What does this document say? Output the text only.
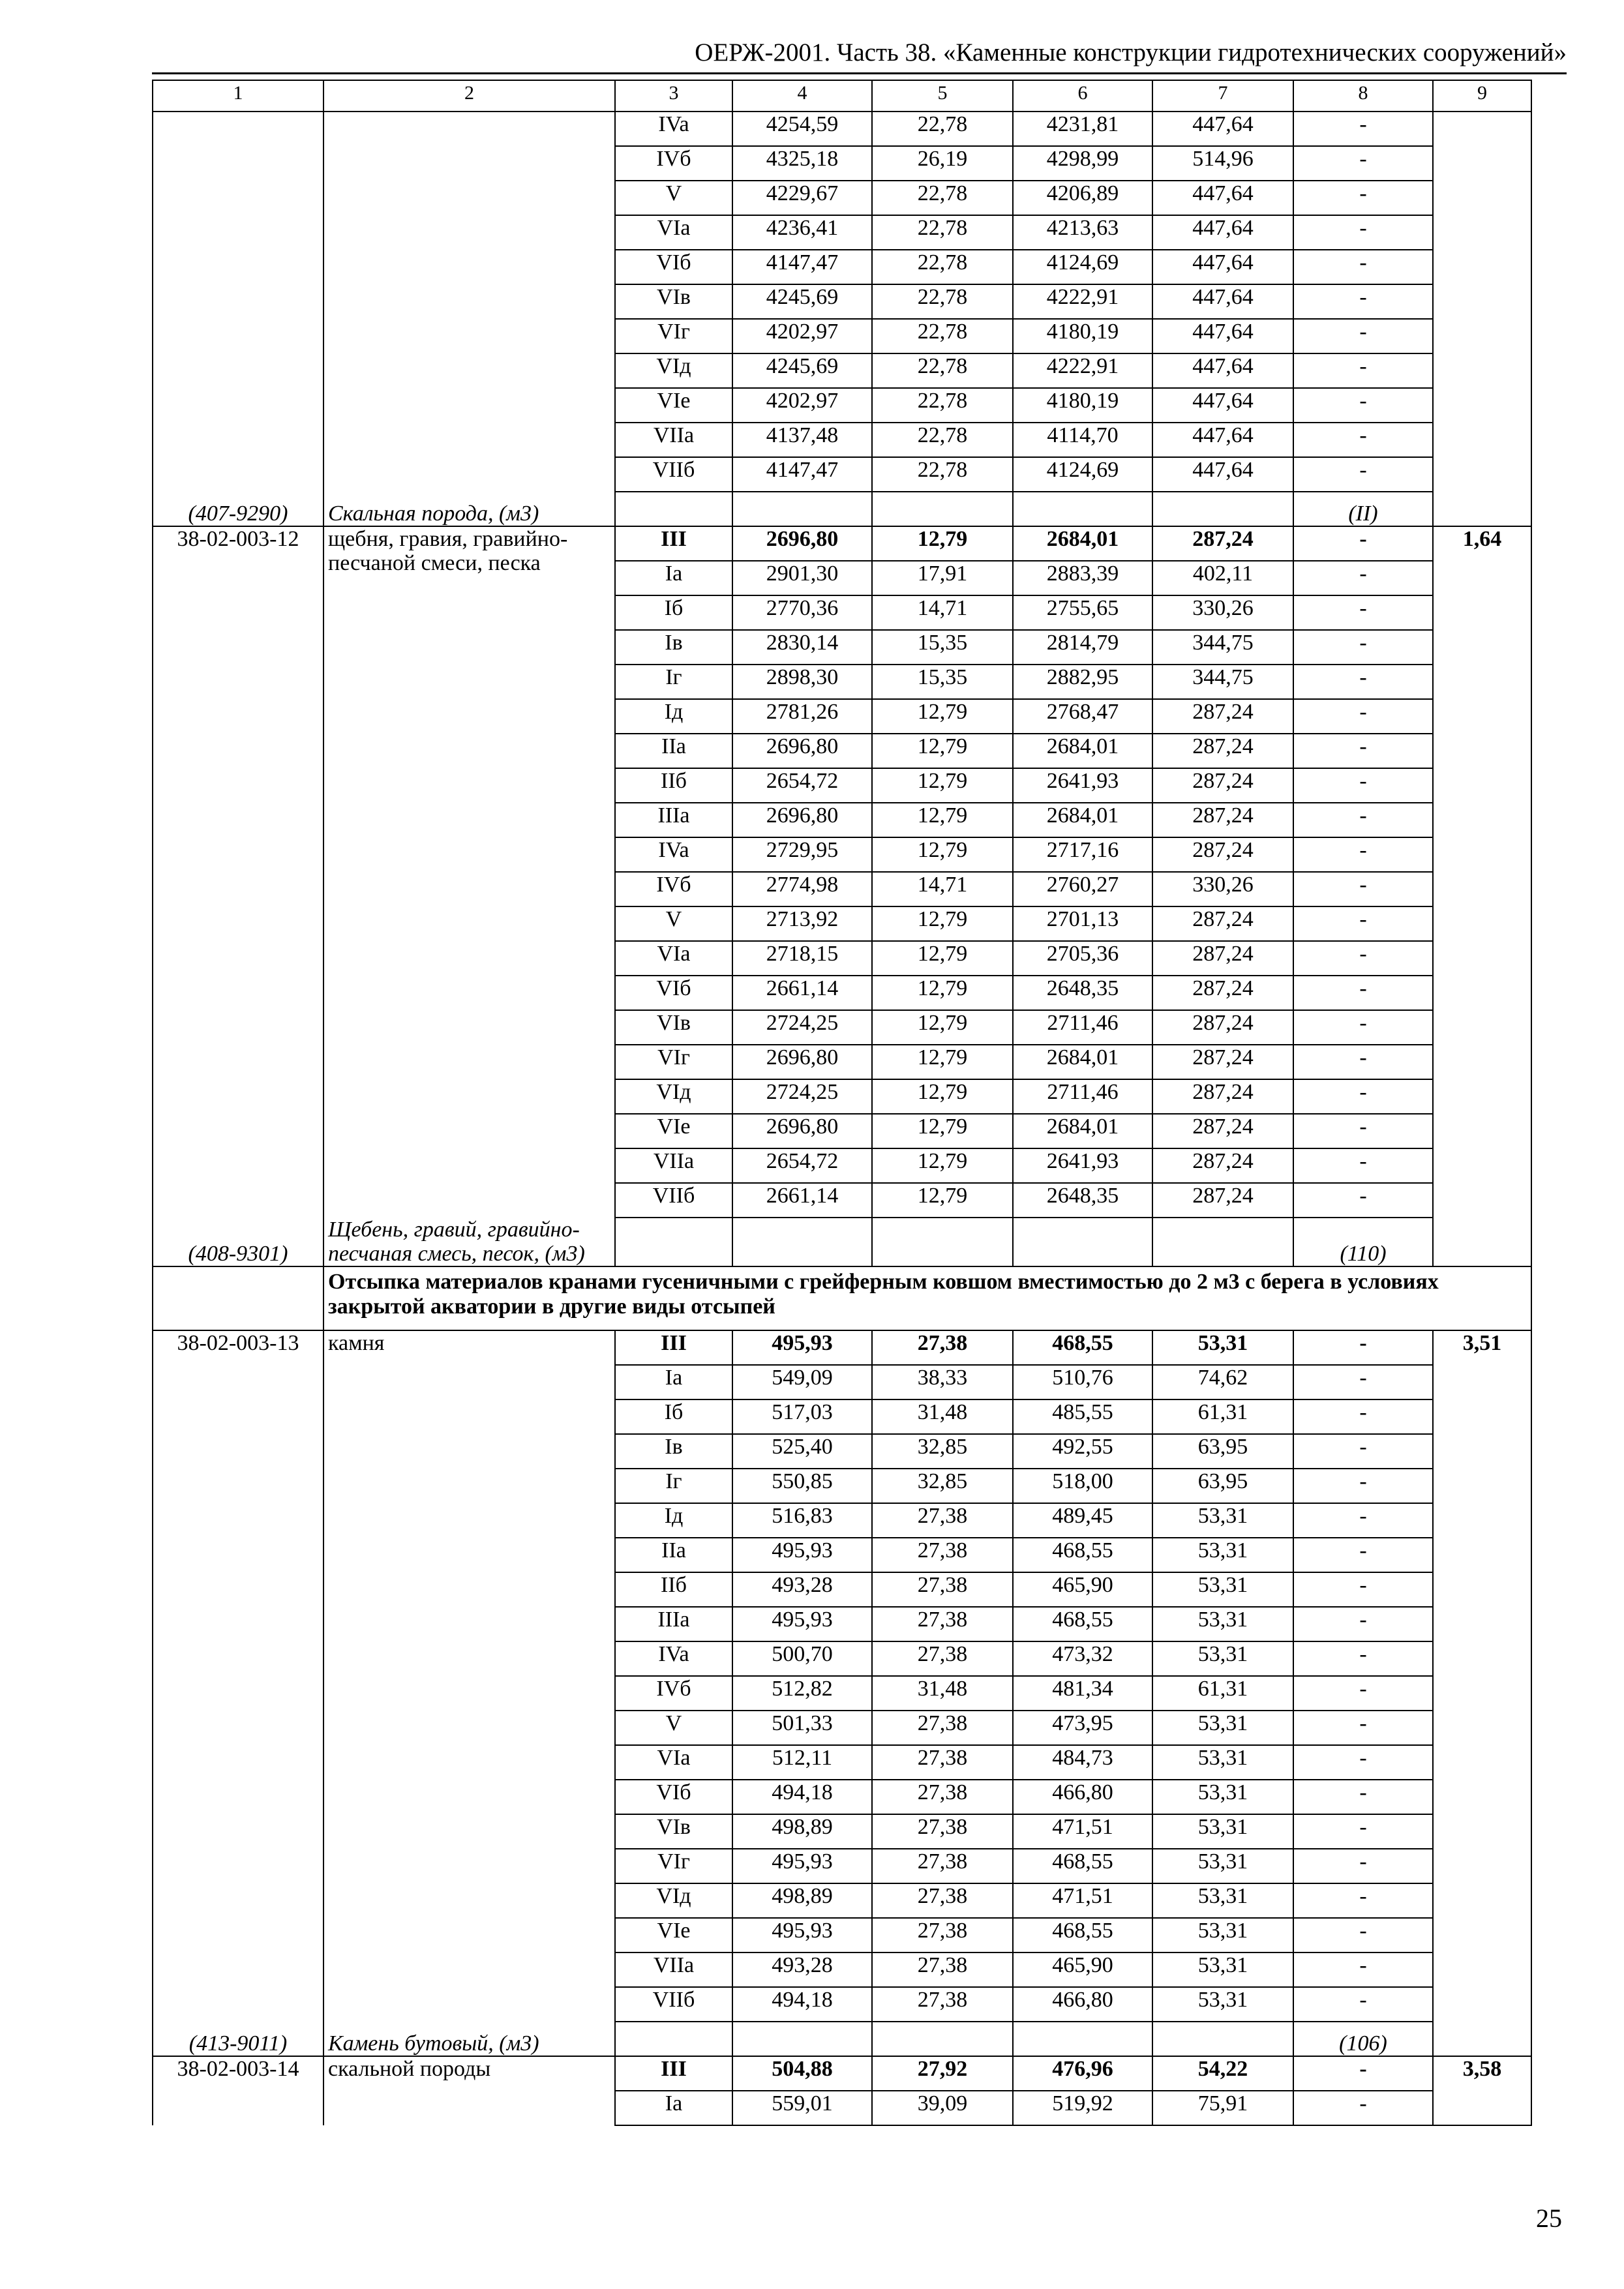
ОЕРЖ-2001. Часть 38. «Каменные конструкции гидротехнических сооружений»
1	2	3	4	5	6	7	8	9
		IVa	4254,59	22,78	4231,81	447,64	-	
		IVб	4325,18	26,19	4298,99	514,96	-	
		V	4229,67	22,78	4206,89	447,64	-	
		VIa	4236,41	22,78	4213,63	447,64	-	
		VIб	4147,47	22,78	4124,69	447,64	-	
		VIв	4245,69	22,78	4222,91	447,64	-	
		VIг	4202,97	22,78	4180,19	447,64	-	
		VIд	4245,69	22,78	4222,91	447,64	-	
		VIe	4202,97	22,78	4180,19	447,64	-	
		VIIa	4137,48	22,78	4114,70	447,64	-	
		VIIб	4147,47	22,78	4124,69	447,64	-	
(407-9290)	Скальная порода, (м3)						(II)	
38-02-003-12	щебня, гравия, гравийно-песчаной смеси, песка	III	2696,80	12,79	2684,01	287,24	-	1,64
		Ia	2901,30	17,91	2883,39	402,11	-	
		Iб	2770,36	14,71	2755,65	330,26	-	
		Iв	2830,14	15,35	2814,79	344,75	-	
		Iг	2898,30	15,35	2882,95	344,75	-	
		Iд	2781,26	12,79	2768,47	287,24	-	
		IIa	2696,80	12,79	2684,01	287,24	-	
		IIб	2654,72	12,79	2641,93	287,24	-	
		IIIa	2696,80	12,79	2684,01	287,24	-	
		IVa	2729,95	12,79	2717,16	287,24	-	
		IVб	2774,98	14,71	2760,27	330,26	-	
		V	2713,92	12,79	2701,13	287,24	-	
		VIa	2718,15	12,79	2705,36	287,24	-	
		VIб	2661,14	12,79	2648,35	287,24	-	
		VIв	2724,25	12,79	2711,46	287,24	-	
		VIг	2696,80	12,79	2684,01	287,24	-	
		VIд	2724,25	12,79	2711,46	287,24	-	
		VIe	2696,80	12,79	2684,01	287,24	-	
		VIIa	2654,72	12,79	2641,93	287,24	-	
		VIIб	2661,14	12,79	2648,35	287,24	-	
(408-9301)	Щебень, гравий, гравийно-песчаная смесь, песок, (м3)						(110)	
	Отсыпка материалов кранами гусеничными с грейферным ковшом вместимостью до 2 м3 с берега в условиях закрытой акватории в другие виды отсыпей							
38-02-003-13	камня	III	495,93	27,38	468,55	53,31	-	3,51
		Ia	549,09	38,33	510,76	74,62	-	
		Iб	517,03	31,48	485,55	61,31	-	
		Iв	525,40	32,85	492,55	63,95	-	
		Iг	550,85	32,85	518,00	63,95	-	
		Iд	516,83	27,38	489,45	53,31	-	
		IIa	495,93	27,38	468,55	53,31	-	
		IIб	493,28	27,38	465,90	53,31	-	
		IIIa	495,93	27,38	468,55	53,31	-	
		IVa	500,70	27,38	473,32	53,31	-	
		IVб	512,82	31,48	481,34	61,31	-	
		V	501,33	27,38	473,95	53,31	-	
		VIa	512,11	27,38	484,73	53,31	-	
		VIб	494,18	27,38	466,80	53,31	-	
		VIв	498,89	27,38	471,51	53,31	-	
		VIг	495,93	27,38	468,55	53,31	-	
		VIд	498,89	27,38	471,51	53,31	-	
		VIe	495,93	27,38	468,55	53,31	-	
		VIIa	493,28	27,38	465,90	53,31	-	
		VIIб	494,18	27,38	466,80	53,31	-	
(413-9011)	Камень бутовый, (м3)						(106)	
38-02-003-14	скальной породы	III	504,88	27,92	476,96	54,22	-	3,58
		Ia	559,01	39,09	519,92	75,91	-	
25
